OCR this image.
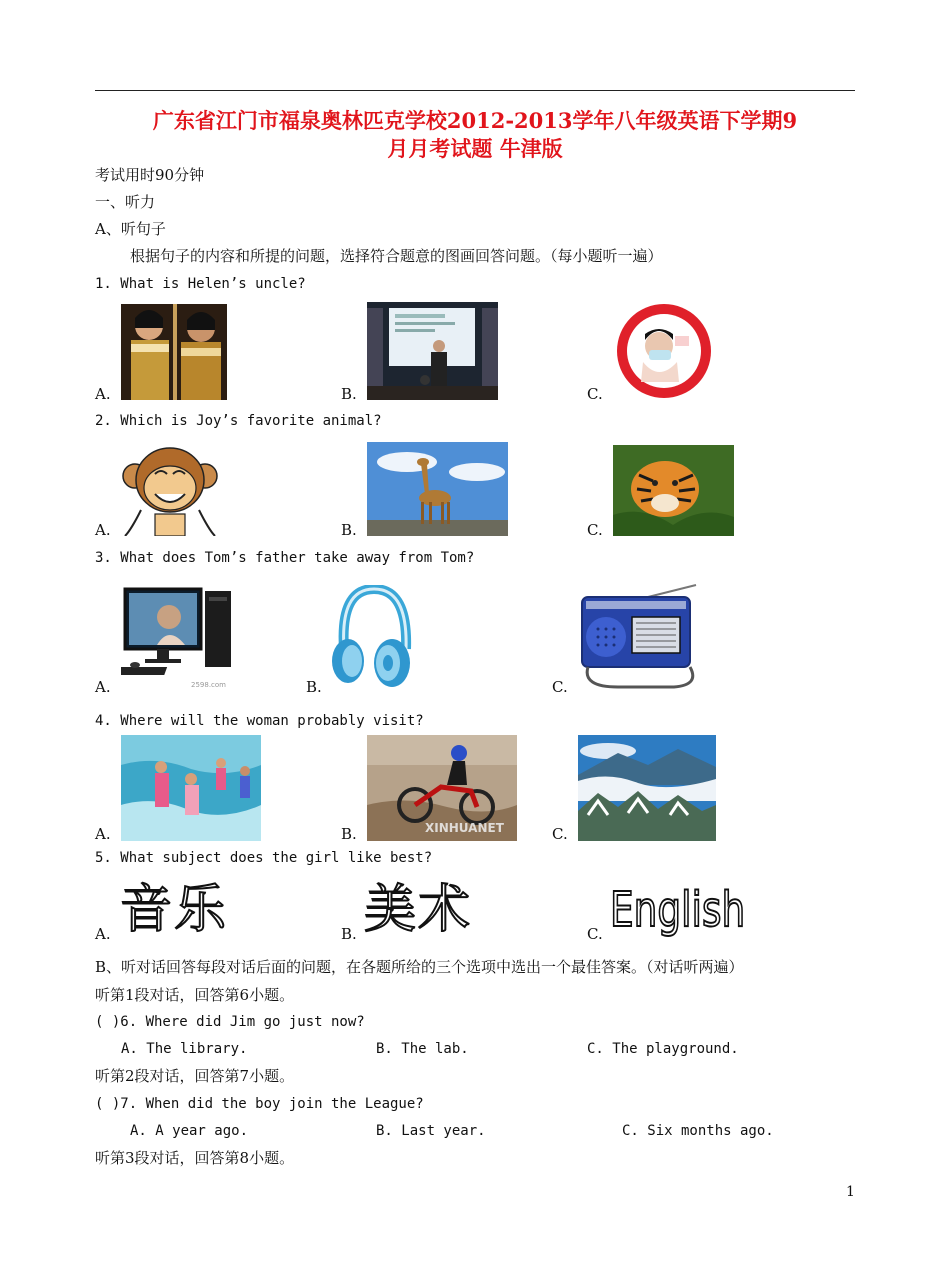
广东省江门市福泉奥林匹克学校2012-2013学年八年级英语下学期9
月月考试题 牛津版
考试用时90分钟
一、听力
A、听句子
根据句子的内容和所提的问题，选择符合题意的图画回答问题。（每小题听一遍）
1. What is Helen’s uncle?
A.	B.	C.
2. Which is Joy’s favorite animal?
A.	B.	C.
3. What does Tom’s father take away from Tom?
A.	2598.com	B.	C.
4. Where will the woman probably visit?
A.	B.	XINHUANET	C.
5. What subject does the girl like best?
A. 音乐	B. 美术	C. English
B、听对话回答每段对话后面的问题，在各题所给的三个选项中选出一个最佳答案。（对话听两遍）
听第1段对话，回答第6小题。
( )6. Where did Jim go just now?
A. The library.	B. The lab.	C. The playground.
听第2段对话，回答第7小题。
( )7. When did the boy join the League?
A. A year ago.	B. Last year.	C. Six months ago.
听第3段对话，回答第8小题。
1
